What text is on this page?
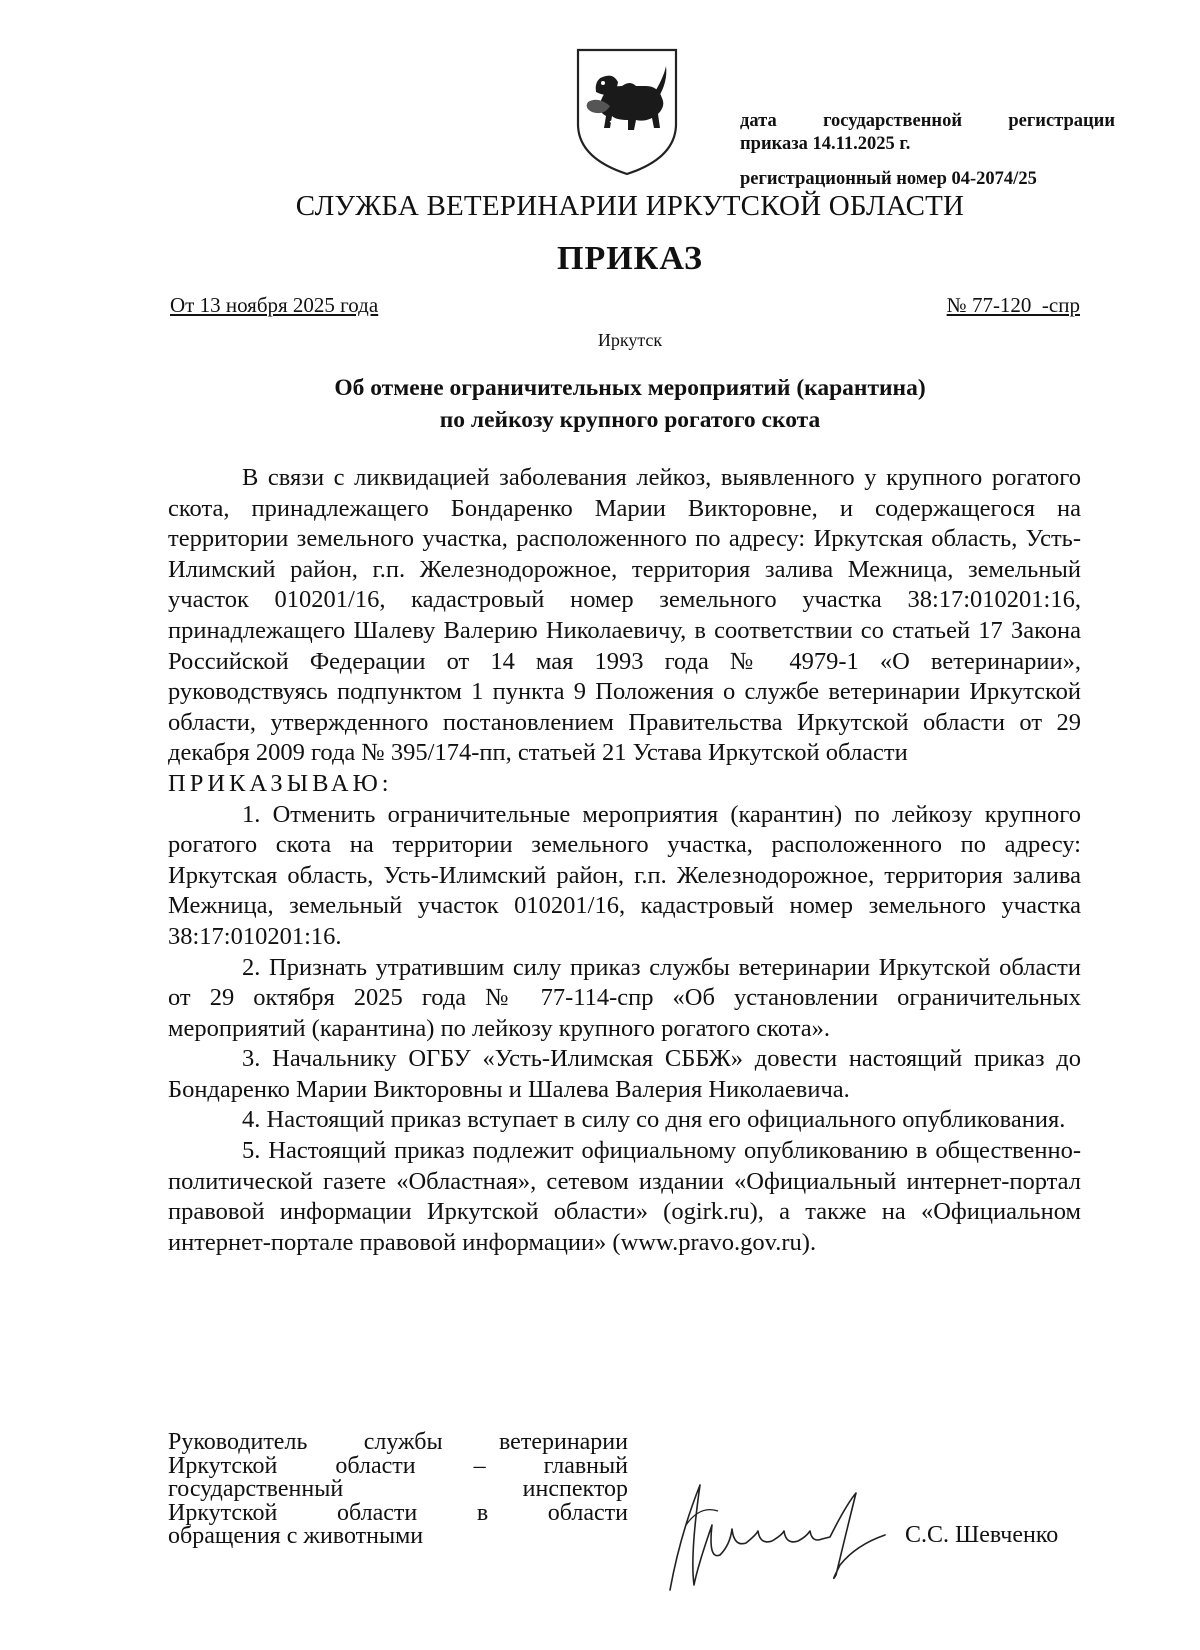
дата государственной регистрации
приказа 14.11.2025 г.
регистрационный номер 04-2074/25
СЛУЖБА ВЕТЕРИНАРИИ ИРКУТСКОЙ ОБЛАСТИ
ПРИКАЗ
От 13 ноября 2025 года	№ 77-120  -спр
Иркутск
Об отмене ограничительных мероприятий (карантина)
по лейкозу крупного рогатого скота

В связи с ликвидацией заболевания лейкоз, выявленного у крупного рогатого скота, принадлежащего Бондаренко Марии Викторовне, и содержащегося на территории земельного участка, расположенного по адресу: Иркутская область, Усть-Илимский район, г.п. Железнодорожное, территория залива Межница, земельный участок 010201/16, кадастровый номер земельного участка 38:17:010201:16, принадлежащего Шалеву Валерию Николаевичу, в соответствии со статьей 17 Закона Российской Федерации от 14 мая 1993 года № 4979-1 «О ветеринарии», руководствуясь подпунктом 1 пункта 9 Положения о службе ветеринарии Иркутской области, утвержденного постановлением Правительства Иркутской области от 29 декабря 2009 года № 395/174-пп, статьей 21 Устава Иркутской области

ПРИКАЗЫВАЮ:

1. Отменить ограничительные мероприятия (карантин) по лейкозу крупного рогатого скота на территории земельного участка, расположенного по адресу: Иркутская область, Усть-Илимский район, г.п. Железнодорожное, территория залива Межница, земельный участок 010201/16, кадастровый номер земельного участка 38:17:010201:16.

2. Признать утратившим силу приказ службы ветеринарии Иркутской области от 29 октября 2025 года № 77-114-спр «Об установлении ограничительных мероприятий (карантина) по лейкозу крупного рогатого скота».

3. Начальнику ОГБУ «Усть-Илимская СББЖ» довести настоящий приказ до Бондаренко Марии Викторовны и Шалева Валерия Николаевича.

4. Настоящий приказ вступает в силу со дня его официального опубликования.

5. Настоящий приказ подлежит официальному опубликованию в общественно-политической газете «Областная», сетевом издании «Официальный интернет-портал правовой информации Иркутской области» (ogirk.ru), а также на «Официальном интернет-портале правовой информации» (www.pravo.gov.ru).

Руководитель службы ветеринарии
Иркутской области – главный
государственный инспектор
Иркутской области в области
обращения с животными	С.С. Шевченко
